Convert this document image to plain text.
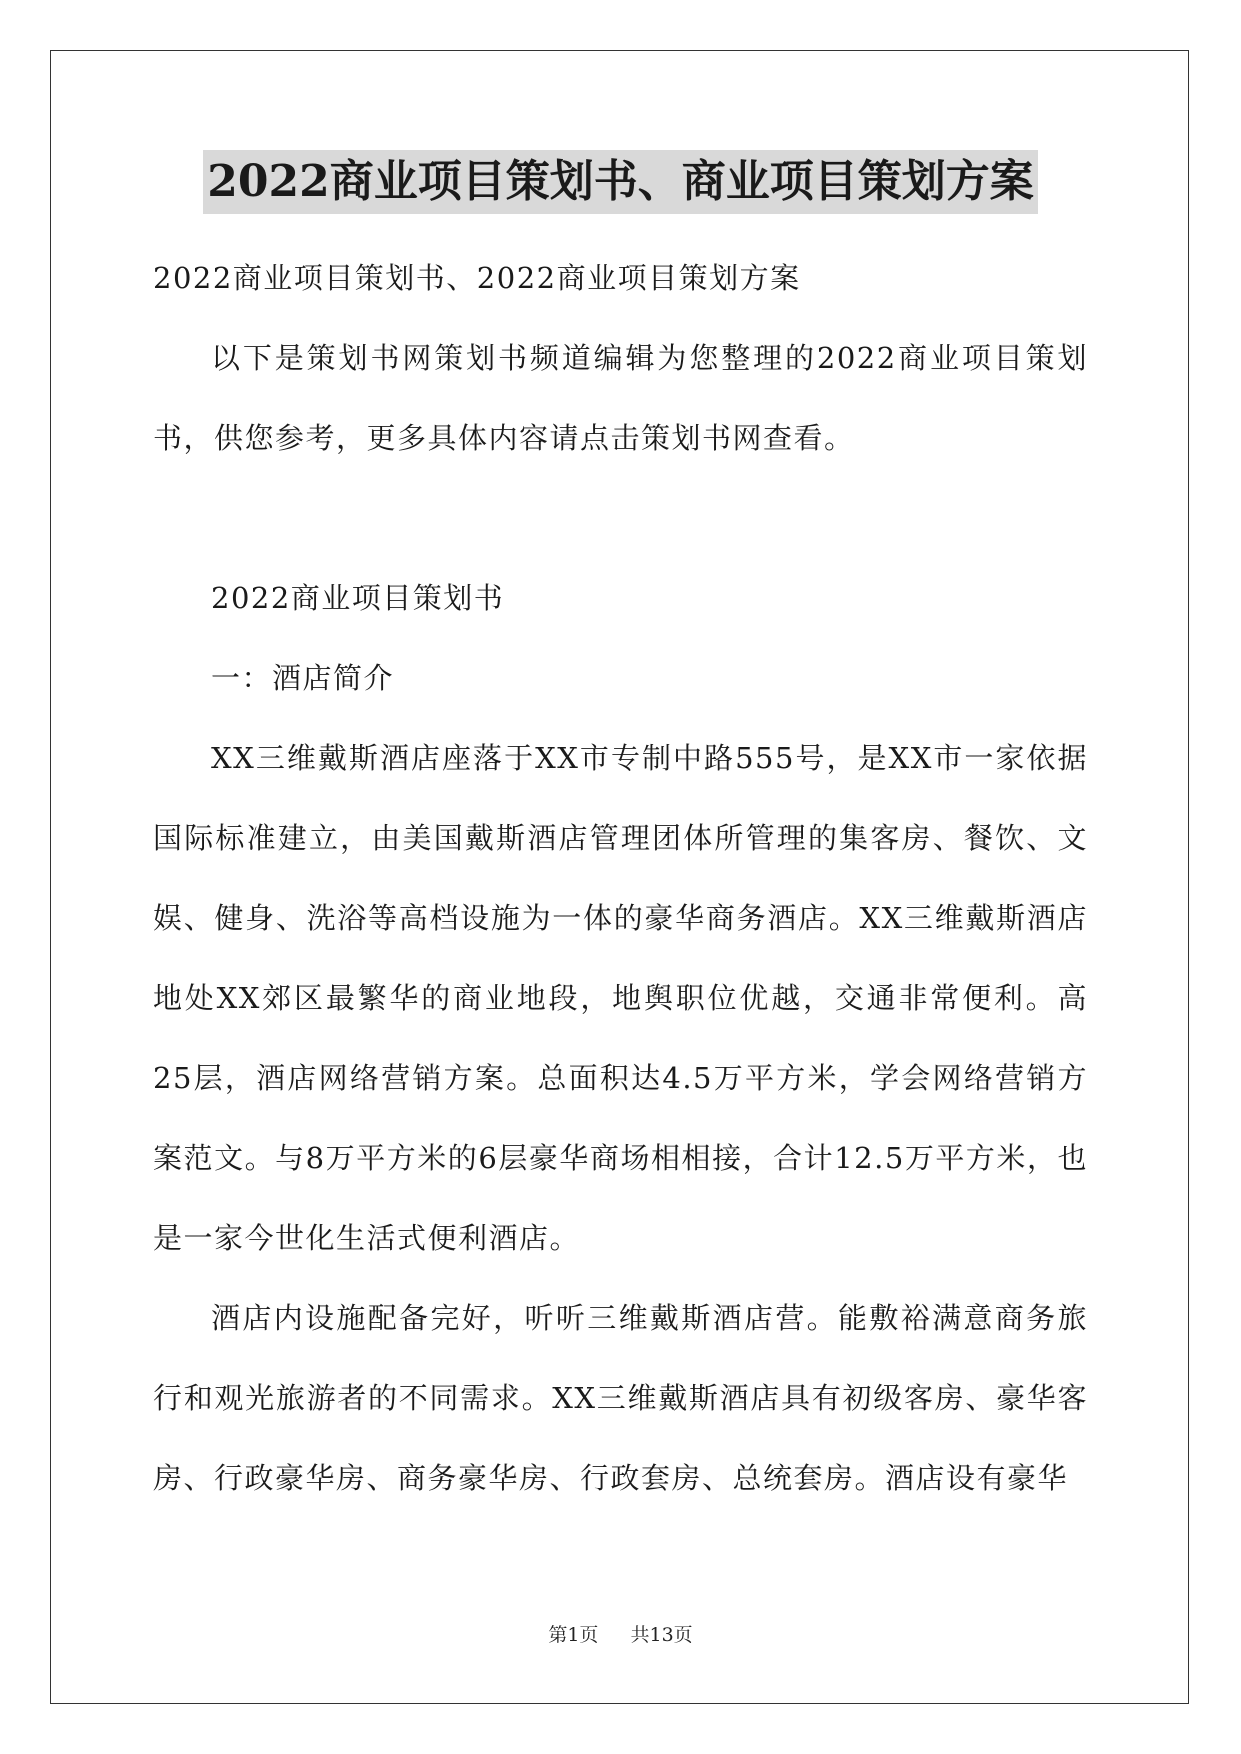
2022商业项目策划书、商业项目策划方案

2022商业项目策划书、2022商业项目策划方案

以下是策划书网策划书频道编辑为您整理的2022商业项目策划书，供您参考，更多具体内容请点击策划书网查看。

2022商业项目策划书

一：酒店简介

XX三维戴斯酒店座落于XX市专制中路555号，是XX市一家依据国际标准建立，由美国戴斯酒店管理团体所管理的集客房、餐饮、文娱、健身、洗浴等高档设施为一体的豪华商务酒店。XX三维戴斯酒店地处XX郊区最繁华的商业地段，地舆职位优越，交通非常便利。高25层，酒店网络营销方案。总面积达4.5万平方米，学会网络营销方案范文。与8万平方米的6层豪华商场相相接，合计12.5万平方米，也是一家今世化生活式便利酒店。

酒店内设施配备完好，听听三维戴斯酒店营。能敷裕满意商务旅行和观光旅游者的不同需求。XX三维戴斯酒店具有初级客房、豪华客房、行政豪华房、商务豪华房、行政套房、总统套房。酒店设有豪华

第1页 共13页
